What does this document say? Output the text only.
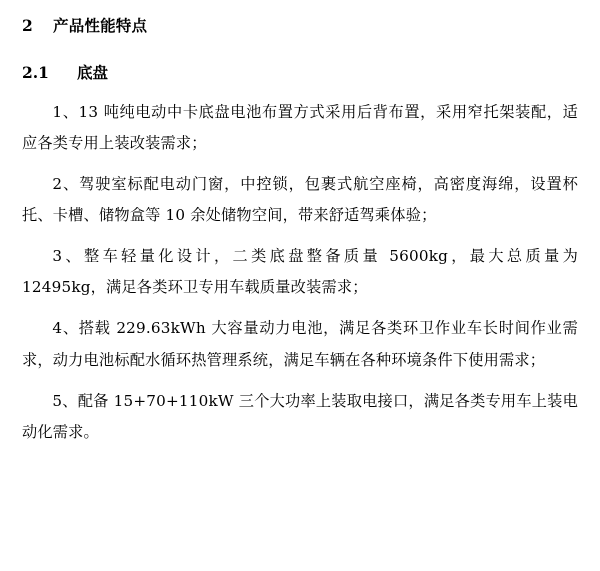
2 产品性能特点
2.1 底盘

1、13 吨纯电动中卡底盘电池布置方式采用后背布置，采用窄托架装配，适应各类专用上装改装需求；

2、驾驶室标配电动门窗，中控锁，包裹式航空座椅，高密度海绵，设置杯托、卡槽、储物盒等 10 余处储物空间，带来舒适驾乘体验；

3、整车轻量化设计，二类底盘整备质量 5600kg，最大总质量为 12495kg，满足各类环卫专用车载质量改装需求；

4、搭载 229.63kWh 大容量动力电池，满足各类环卫作业车长时间作业需求，动力电池标配水循环热管理系统，满足车辆在各种环境条件下使用需求；

5、配备 15+70+110kW 三个大功率上装取电接口，满足各类专用车上装电动化需求。
